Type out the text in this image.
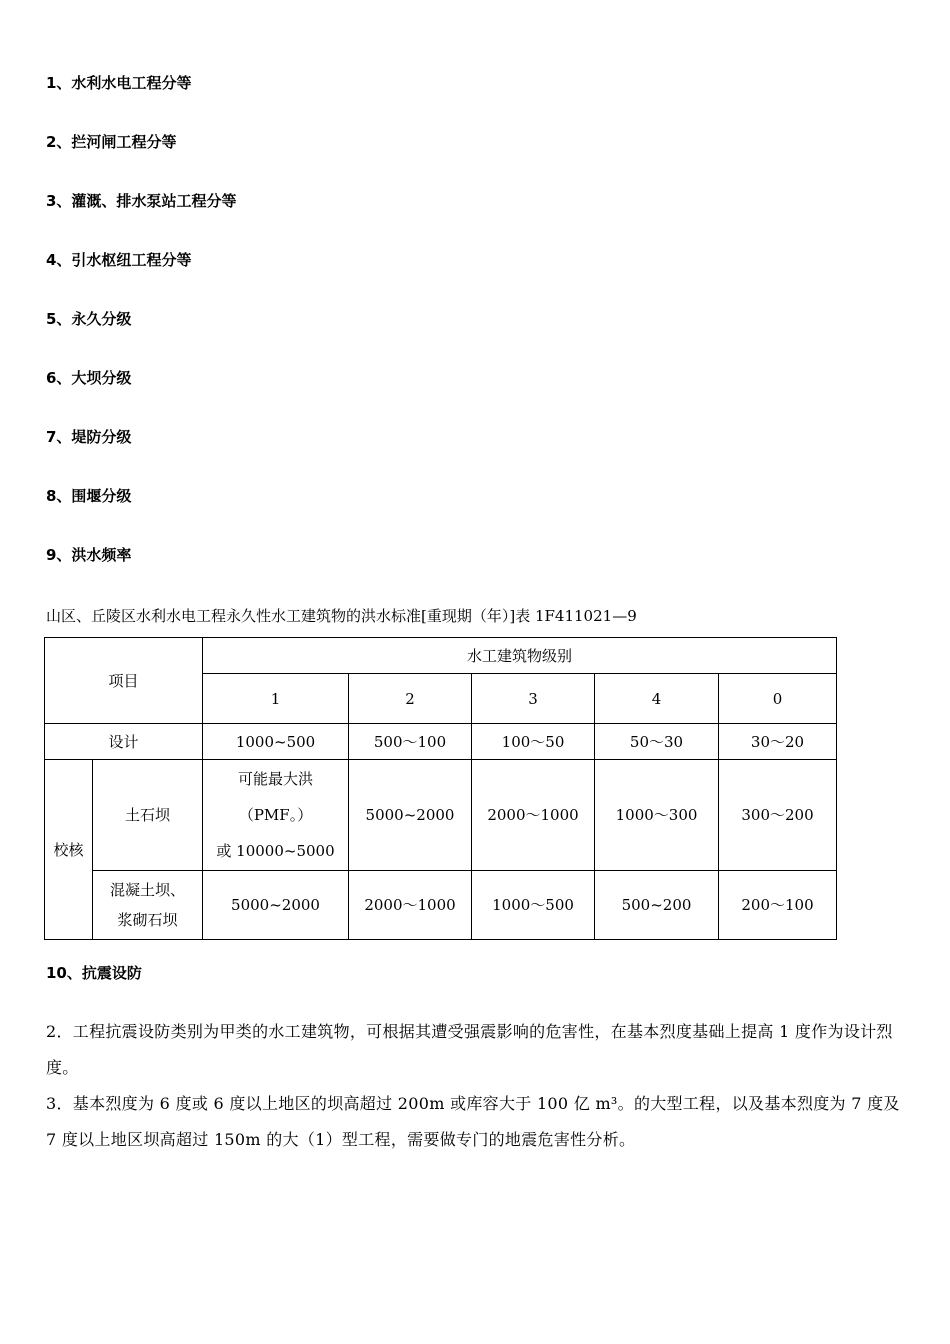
1、水利水电工程分等
2、拦河闸工程分等
3、灌溉、排水泵站工程分等
4、引水枢纽工程分等
5、永久分级
6、大坝分级
7、堤防分级
8、围堰分级
9、洪水频率
山区、丘陵区水利水电工程永久性水工建筑物的洪水标准[重现期（年）]表 1F411021—9
项目		水工建筑物级别				
		1	2	3	4	0
设计		1000~500	500～100	100～50	50～30	30～20
校核	土石坝	可能最大洪
（PMF。）
或 10000~5000	5000~2000	2000～1000	1000～300	300～200

	混凝土坝、
浆砌石坝	5000~2000	2000～1000	1000～500	500~200	200～100
10、抗震设防
2．工程抗震设防类别为甲类的水工建筑物，可根据其遭受强震影响的危害性，在基本烈度基础上提高 1 度作为设计烈度。
3．基本烈度为 6 度或 6 度以上地区的坝高超过 200m 或库容大于 100 亿 m³。的大型工程，以及基本烈度为 7 度及 7 度以上地区坝高超过 150m 的大（1）型工程，需要做专门的地震危害性分析。
